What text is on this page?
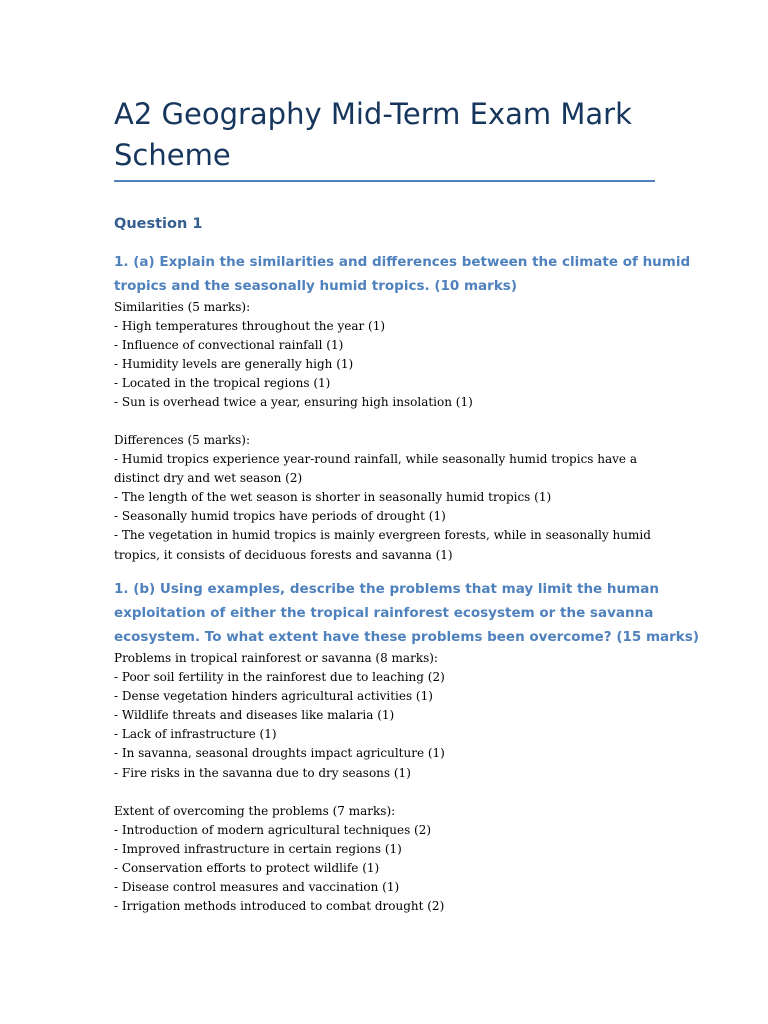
A2 Geography Mid-Term Exam Mark Scheme
Question 1
1. (a) Explain the similarities and differences between the climate of humid
tropics and the seasonally humid tropics. (10 marks)
Similarities (5 marks):
- High temperatures throughout the year (1)
- Influence of convectional rainfall (1)
- Humidity levels are generally high (1)
- Located in the tropical regions (1)
- Sun is overhead twice a year, ensuring high insolation (1)
Differences (5 marks):
- Humid tropics experience year-round rainfall, while seasonally humid tropics have a
distinct dry and wet season (2)
- The length of the wet season is shorter in seasonally humid tropics (1)
- Seasonally humid tropics have periods of drought (1)
- The vegetation in humid tropics is mainly evergreen forests, while in seasonally humid
tropics, it consists of deciduous forests and savanna (1)
1. (b) Using examples, describe the problems that may limit the human
exploitation of either the tropical rainforest ecosystem or the savanna
ecosystem. To what extent have these problems been overcome? (15 marks)
Problems in tropical rainforest or savanna (8 marks):
- Poor soil fertility in the rainforest due to leaching (2)
- Dense vegetation hinders agricultural activities (1)
- Wildlife threats and diseases like malaria (1)
- Lack of infrastructure (1)
- In savanna, seasonal droughts impact agriculture (1)
- Fire risks in the savanna due to dry seasons (1)
Extent of overcoming the problems (7 marks):
- Introduction of modern agricultural techniques (2)
- Improved infrastructure in certain regions (1)
- Conservation efforts to protect wildlife (1)
- Disease control measures and vaccination (1)
- Irrigation methods introduced to combat drought (2)
